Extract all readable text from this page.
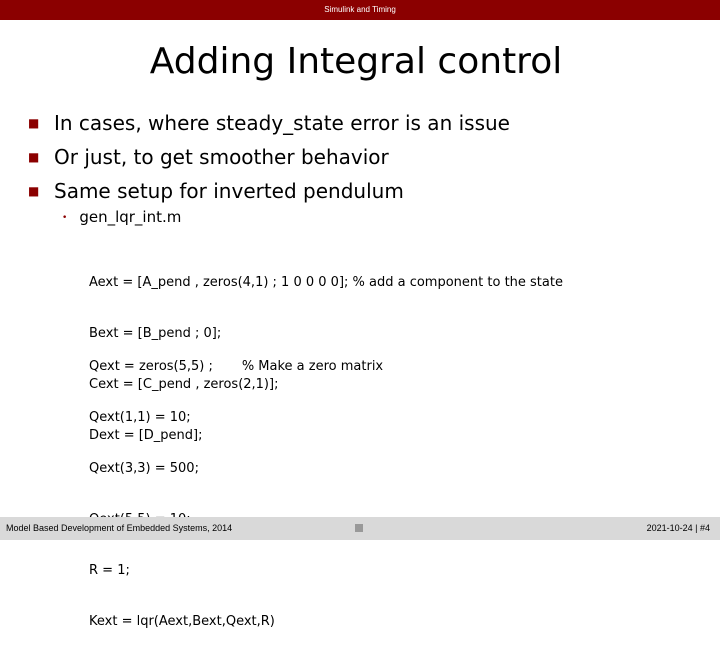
Simulink and Timing
Adding Integral control
■ In cases, where steady_state error is an issue
■ Or just, to get smoother behavior
■ Same setup for inverted pendulum
• gen_lqr_int.m

Aext = [A_pend , zeros(4,1) ; 1 0 0 0 0]; % add a component to the state

Bext = [B_pend ; 0];

Cext = [C_pend , zeros(2,1)];

Dext = [D_pend];

Qext = zeros(5,5) ;       % Make a zero matrix

Qext(1,1) = 10;

Qext(3,3) = 500;

R = 1;

Kext = lqr(Aext,Bext,Qext,R)

Model Based Development of Embedded Systems, 2014	2021-10-24 | #4
